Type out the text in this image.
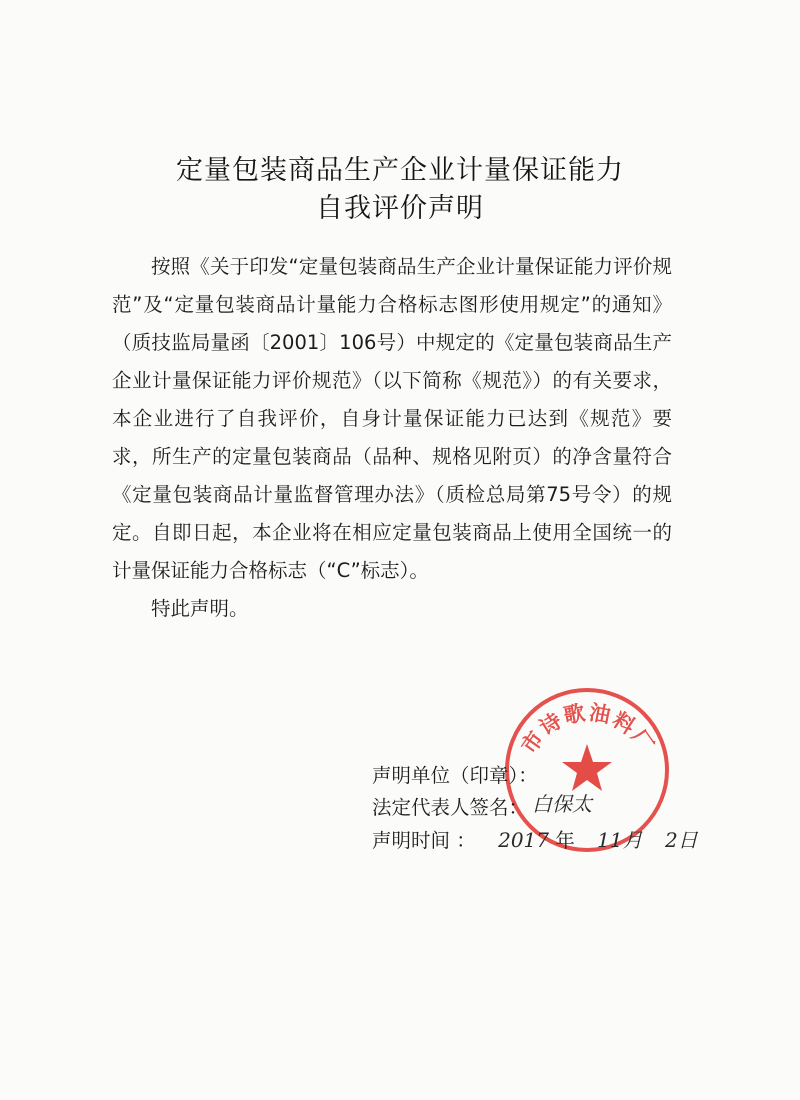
定量包装商品生产企业计量保证能力
自我评价声明

按照《关于印发“定量包装商品生产企业计量保证能力评价规范”及“定量包装商品计量能力合格标志图形使用规定”的通知》（质技监局量函〔2001〕106号）中规定的《定量包装商品生产企业计量保证能力评价规范》（以下简称《规范》）的有关要求，本企业进行了自我评价，自身计量保证能力已达到《规范》要求，所生产的定量包装商品（品种、规格见附页）的净含量符合《定量包装商品计量监督管理办法》（质检总局第75号令）的规定。自即日起，本企业将在相应定量包装商品上使用全国统一的计量保证能力合格标志（“C”标志）。

特此声明。

市诗歌油料厂
声明单位（印章）：
法定代表人签名： 白保太
声明时间 ： 2017 年 11月 2日
